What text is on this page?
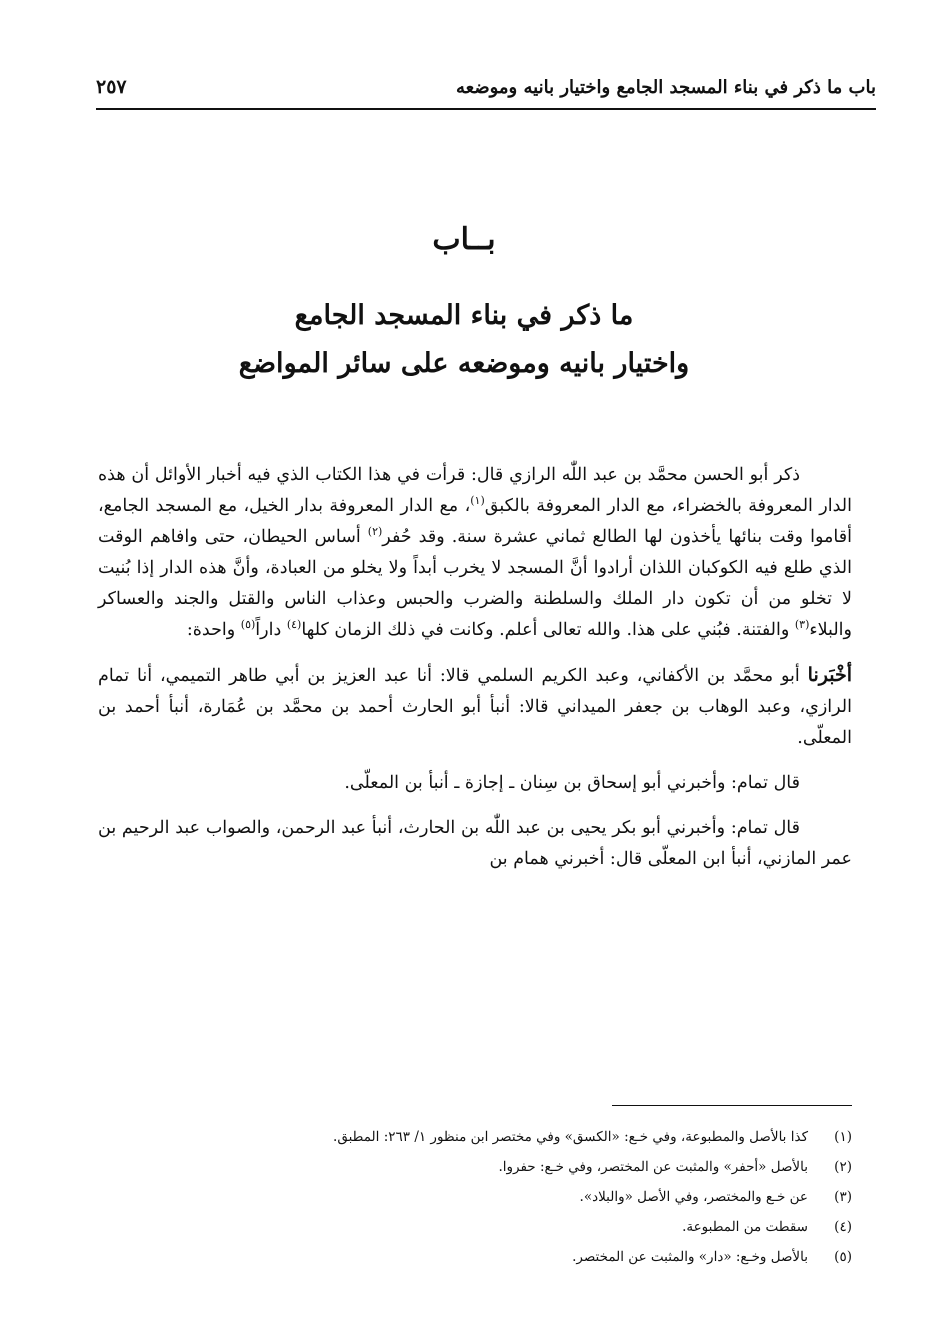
باب ما ذكر في بناء المسجد الجامع واختيار بانيه وموضعه
٢٥٧
بــاب
ما ذكر في بناء المسجد الجامع
واختيار بانيه وموضعه على سائر المواضع

ذكر أبو الحسن محمَّد بن عبد اللّٰه الرازي قال: قرأت في هذا الكتاب الذي فيه أخبار الأوائل أن هذه الدار المعروفة بالخضراء، مع الدار المعروفة بالكبق$^{(١)}$، مع الدار المعروفة بدار الخيل، مع المسجد الجامع، أقاموا وقت بنائها يأخذون لها الطالع ثماني عشرة سنة. وقد حُفر$^{(٢)}$ أساس الحيطان، حتى وافاهم الوقت الذي طلع فيه الكوكبان اللذان أرادوا أنَّ المسجد لا يخرب أبداً ولا يخلو من العبادة، وأنَّ هذه الدار إذا بُنيت لا تخلو من أن تكون دار الملك والسلطنة والضرب والحبس وعذاب الناس والقتل والجند والعساكر والبلاء$^{(٣)}$ والفتنة. فبُني على هذا. والله تعالى أعلم. وكانت في ذلك الزمان كلها$^{(٤)}$ داراً$^{(٥)}$ واحدة:

أخْبَرنا أبو محمَّد بن الأكفاني، وعبد الكريم السلمي قالا: أنا عبد العزيز بن أبي طاهر التميمي، أنا تمام الرازي، وعبد الوهاب بن جعفر الميداني قالا: أنبأ أبو الحارث أحمد بن محمَّد بن عُمَارة، أنبأ أحمد بن المعلّى.

قال تمام: وأخبرني أبو إسحاق بن سِنان ـ إجازة ـ أنبأ بن المعلّى.

قال تمام: وأخبرني أبو بكر يحيى بن عبد اللّٰه بن الحارث، أنبأ عبد الرحمن، والصواب عبد الرحيم بن عمر المازني، أنبأ ابن المعلّى قال: أخبرني همام بن

(١)
كذا بالأصل والمطبوعة، وفي خـع: «الكسق» وفي مختصر ابن منظور ١/ ٢٦٣: المطبق.
(٢)
بالأصل «أحفر» والمثبت عن المختصر، وفي خـع: حفروا.
(٣)
عن خـع والمختصر، وفي الأصل «والبلاد».
(٤)
سقطت من المطبوعة.
(٥)
بالأصل وخـع: «دار» والمثبت عن المختصر.
